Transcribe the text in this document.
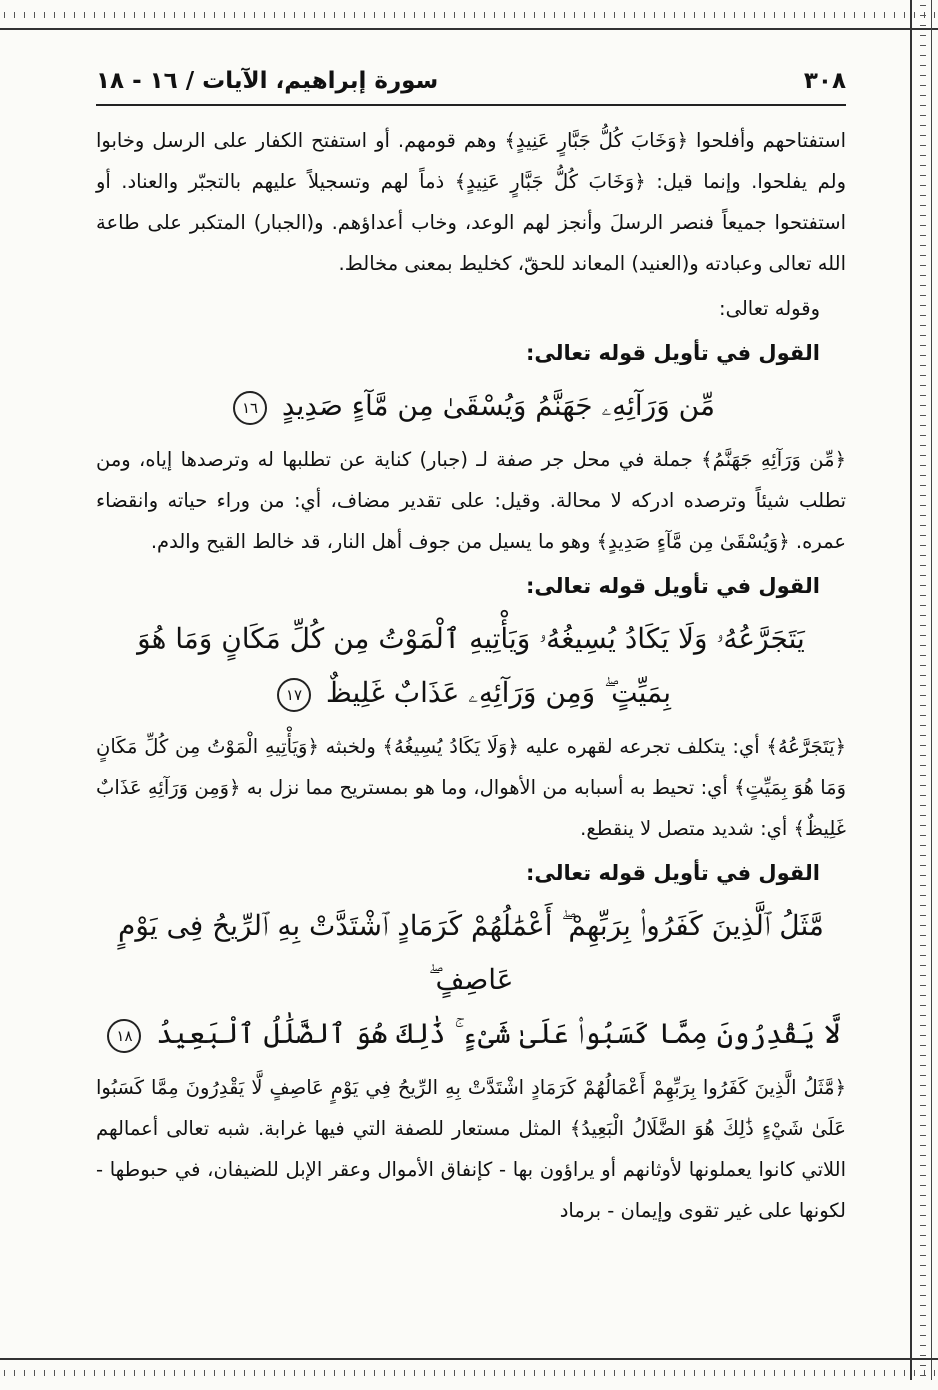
٣٠٨
سورة إبراهيم، الآيات / ١٦ - ١٨

استفتاحهم وأفلحوا ﴿وَخَابَ كُلُّ جَبَّارٍ عَنِيدٍ﴾ وهم قومهم. أو استفتح الكفار على الرسل وخابوا ولم يفلحوا. وإنما قيل: ﴿وَخَابَ كُلُّ جَبَّارٍ عَنِيدٍ﴾ ذماً لهم وتسجيلاً عليهم بالتجبّر والعناد. أو استفتحوا جميعاً فنصر الرسلَ وأنجز لهم الوعد، وخاب أعداؤهم. و(الجبار) المتكبر على طاعة الله تعالى وعبادته و(العنيد) المعاند للحقّ، كخليط بمعنى مخالط.

وقوله تعالى:

القول في تأويل قوله تعالى:
مِّن وَرَآئِهِۦ جَهَنَّمُ وَيُسْقَىٰ مِن مَّآءٍ صَدِيدٍ ١٦

﴿مِّن وَرَآئِهِ جَهَنَّمُ﴾ جملة في محل جر صفة لـ (جبار) كناية عن تطلبها له وترصدها إياه، ومن تطلب شيئاً وترصده ادركه لا محالة. وقيل: على تقدير مضاف، أي: من وراء حياته وانقضاء عمره. ﴿وَيُسْقَىٰ مِن مَّآءٍ صَدِيدٍ﴾ وهو ما يسيل من جوف أهل النار، قد خالط القيح والدم.

القول في تأويل قوله تعالى:
يَتَجَرَّعُهُۥ وَلَا يَكَادُ يُسِيغُهُۥ وَيَأْتِيهِ ٱلْمَوْتُ مِن كُلِّ مَكَانٍ وَمَا هُوَ
بِمَيِّتٍ ۖ وَمِن وَرَآئِهِۦ عَذَابٌ غَلِيظٌ ١٧

﴿يَتَجَرَّعُهُ﴾ أي: يتكلف تجرعه لقهره عليه ﴿وَلَا يَكَادُ يُسِيغُهُ﴾ ولخبثه ﴿وَيَأْتِيهِ الْمَوْتُ مِن كُلِّ مَكَانٍ وَمَا هُوَ بِمَيِّتٍ﴾ أي: تحيط به أسبابه من الأهوال، وما هو بمستريح مما نزل به ﴿وَمِن وَرَآئِهِ عَذَابٌ غَلِيظٌ﴾ أي: شديد متصل لا ينقطع.

القول في تأويل قوله تعالى:
مَّثَلُ ٱلَّذِينَ كَفَرُوا۟ بِرَبِّهِمْ ۖ أَعْمَٰلُهُمْ كَرَمَادٍ ٱشْتَدَّتْ بِهِ ٱلرِّيحُ فِى يَوْمٍ عَاصِفٍ ۖ
لَّا يَقْدِرُونَ مِمَّا كَسَبُوا۟ عَلَىٰ شَىْءٍ ۚ ذَٰلِكَ هُوَ ٱلضَّلَٰلُ ٱلْبَعِيدُ ١٨

﴿مَّثَلُ الَّذِينَ كَفَرُوا بِرَبِّهِمْ أَعْمَالُهُمْ كَرَمَادٍ اشْتَدَّتْ بِهِ الرِّيحُ فِي يَوْمٍ عَاصِفٍ لَّا يَقْدِرُونَ مِمَّا كَسَبُوا عَلَىٰ شَيْءٍ ذَٰلِكَ هُوَ الضَّلَالُ الْبَعِيدُ﴾ المثل مستعار للصفة التي فيها غرابة. شبه تعالى أعمالهم اللاتي كانوا يعملونها لأوثانهم أو يراؤون بها - كإنفاق الأموال وعقر الإبل للضيفان، في حبوطها - لكونها على غير تقوى وإيمان - برماد
